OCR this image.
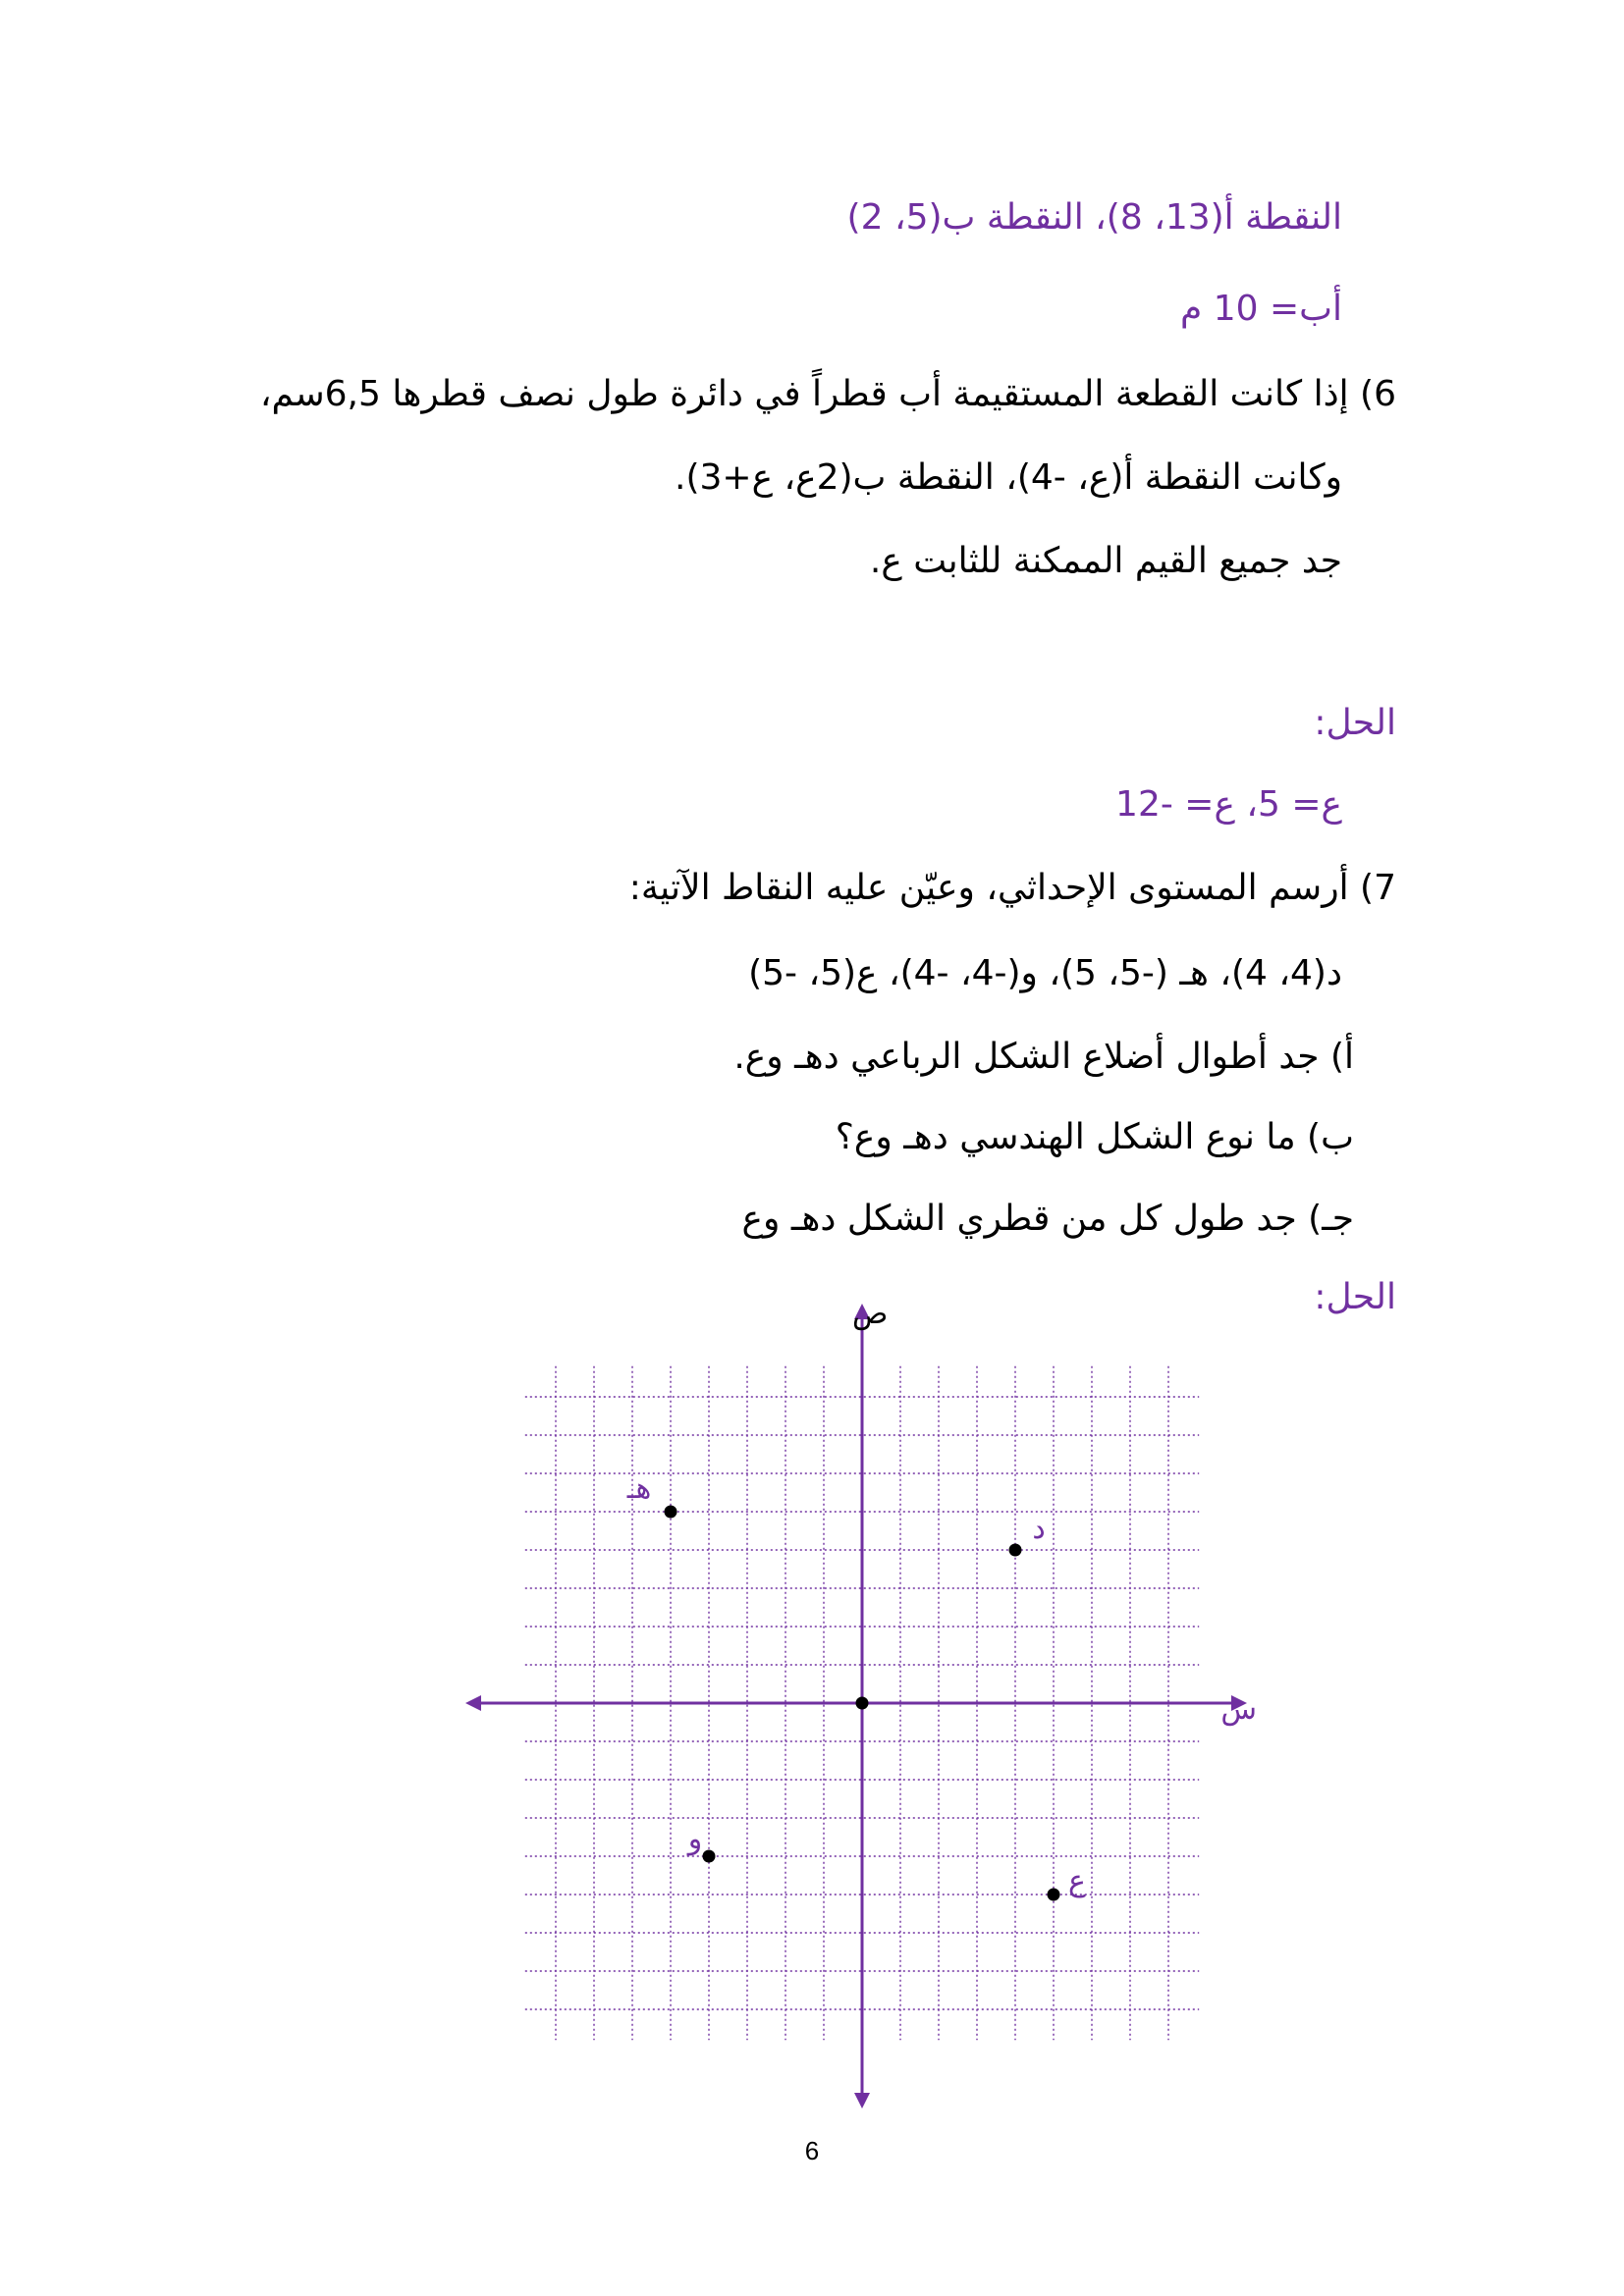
النقطة أ(13، 8)، النقطة ب(5، 2)
أب= 10 م
6) إذا كانت القطعة المستقيمة أب قطراً في دائرة طول نصف قطرها 6,5سم،
وكانت النقطة أ(ع، -4)، النقطة ب(2ع، ع+3).
جد جميع القيم الممكنة للثابت ع.
الحل:
ع= 5، ع= -12
7) أرسم المستوى الإحداثي، وعيّن عليه النقاط الآتية:
د(4، 4)، هـ (-5، 5)، و(-4، -4)، ع(5، -5)
أ) جد أطوال أضلاع الشكل الرباعي دهـ وع.
ب) ما نوع الشكل الهندسي دهـ وع؟
جـ) جد طول كل من قطري الشكل دهـ وع
الحل:
س
ص
د
هـ
و
ع
6
